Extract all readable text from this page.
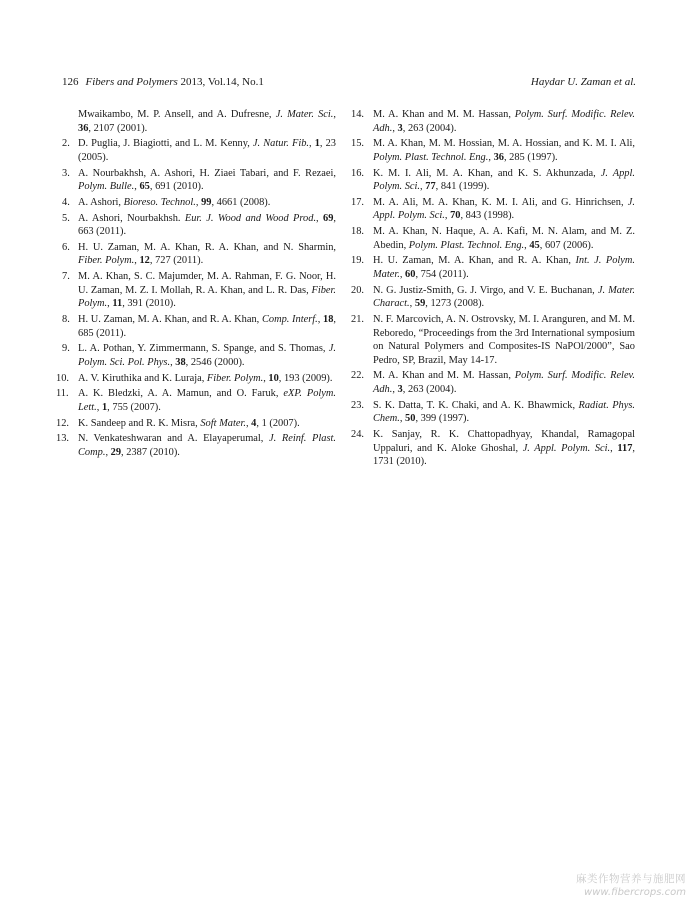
126 Fibers and Polymers 2013, Vol.14, No.1	Haydar U. Zaman et al.
Mwaikambo, M. P. Ansell, and A. Dufresne, J. Mater. Sci., 36, 2107 (2001).
2. D. Puglia, J. Biagiotti, and L. M. Kenny, J. Natur. Fib., 1, 23 (2005).
3. A. Nourbakhsh, A. Ashori, H. Ziaei Tabari, and F. Rezaei, Polym. Bulle., 65, 691 (2010).
4. A. Ashori, Bioreso. Technol., 99, 4661 (2008).
5. A. Ashori, Nourbakhsh. Eur. J. Wood and Wood Prod., 69, 663 (2011).
6. H. U. Zaman, M. A. Khan, R. A. Khan, and N. Sharmin, Fiber. Polym., 12, 727 (2011).
7. M. A. Khan, S. C. Majumder, M. A. Rahman, F. G. Noor, H. U. Zaman, M. Z. I. Mollah, R. A. Khan, and L. R. Das, Fiber. Polym., 11, 391 (2010).
8. H. U. Zaman, M. A. Khan, and R. A. Khan, Comp. Interf., 18, 685 (2011).
9. L. A. Pothan, Y. Zimmermann, S. Spange, and S. Thomas, J. Polym. Sci. Pol. Phys., 38, 2546 (2000).
10. A. V. Kiruthika and K. Luraja, Fiber. Polym., 10, 193 (2009).
11. A. K. Bledzki, A. A. Mamun, and O. Faruk, eXP. Polym. Lett., 1, 755 (2007).
12. K. Sandeep and R. K. Misra, Soft Mater., 4, 1 (2007).
13. N. Venkateshwaran and A. Elayaperumal, J. Reinf. Plast. Comp., 29, 2387 (2010).
14. M. A. Khan and M. M. Hassan, Polym. Surf. Modific. Relev. Adh., 3, 263 (2004).
15. M. A. Khan, M. M. Hossian, M. A. Hossian, and K. M. I. Ali, Polym. Plast. Technol. Eng., 36, 285 (1997).
16. K. M. I. Ali, M. A. Khan, and K. S. Akhunzada, J. Appl. Polym. Sci., 77, 841 (1999).
17. M. A. Ali, M. A. Khan, K. M. I. Ali, and G. Hinrichsen, J. Appl. Polym. Sci., 70, 843 (1998).
18. M. A. Khan, N. Haque, A. A. Kafi, M. N. Alam, and M. Z. Abedin, Polym. Plast. Technol. Eng., 45, 607 (2006).
19. H. U. Zaman, M. A. Khan, and R. A. Khan, Int. J. Polym. Mater., 60, 754 (2011).
20. N. G. Justiz-Smith, G. J. Virgo, and V. E. Buchanan, J. Mater. Charact., 59, 1273 (2008).
21. N. F. Marcovich, A. N. Ostrovsky, M. I. Aranguren, and M. M. Reboredo, “Proceedings from the 3rd International symposium on Natural Polymers and Composites-IS NaPOl/2000”, Sao Pedro, SP, Brazil, May 14-17.
22. M. A. Khan and M. M. Hassan, Polym. Surf. Modific. Relev. Adh., 3, 263 (2004).
23. S. K. Datta, T. K. Chaki, and A. K. Bhawmick, Radiat. Phys. Chem., 50, 399 (1997).
24. K. Sanjay, R. K. Chattopadhyay, Khandal, Ramagopal Uppaluri, and K. Aloke Ghoshal, J. Appl. Polym. Sci., 117, 1731 (2010).
麻类作物营养与施肥网
www.fibercrops.com
